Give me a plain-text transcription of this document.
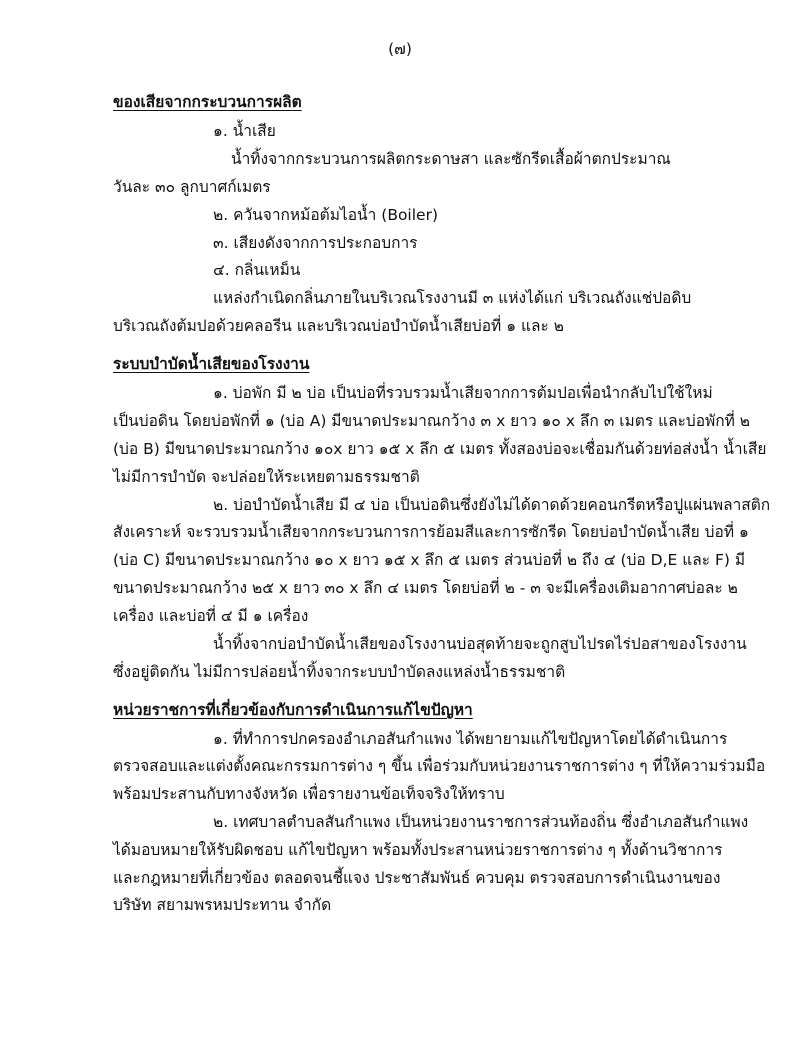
(๗)
ของเสียจากกระบวนการผลิต
๑. น้ำเสีย
น้ำทิ้งจากกระบวนการผลิตกระดาษสา และซักรีดเสื้อผ้าตกประมาณ
วันละ ๓๐ ลูกบาศก์เมตร
๒. ควันจากหม้อต้มไอน้ำ (Boiler)
๓. เสียงดังจากการประกอบการ
๔. กลิ่นเหม็น
แหล่งกำเนิดกลิ่นภายในบริเวณโรงงานมี ๓ แห่งได้แก่ บริเวณถังแช่ปอดิบ
บริเวณถังต้มปอด้วยคลอรีน และบริเวณบ่อบำบัดน้ำเสียบ่อที่ ๑ และ ๒
ระบบบำบัดน้ำเสียของโรงงาน
๑. บ่อพัก มี ๒ บ่อ เป็นบ่อที่รวบรวมน้ำเสียจากการต้มปอเพื่อนำกลับไปใช้ใหม่
เป็นบ่อดิน โดยบ่อพักที่ ๑ (บ่อ A) มีขนาดประมาณกว้าง ๓ x ยาว ๑๐ x ลึก ๓ เมตร และบ่อพักที่ ๒
(บ่อ B) มีขนาดประมาณกว้าง ๑๐x ยาว ๑๕ x ลึก ๕ เมตร ทั้งสองบ่อจะเชื่อมกันด้วยท่อส่งน้ำ น้ำเสีย
ไม่มีการบำบัด จะปล่อยให้ระเหยตามธรรมชาติ
๒. บ่อบำบัดน้ำเสีย มี ๔ บ่อ เป็นบ่อดินซึ่งยังไม่ได้ดาดด้วยคอนกรีตหรือปูแผ่นพลาสติก
สังเคราะห์ จะรวบรวมน้ำเสียจากกระบวนการการย้อมสีและการซักรีด โดยบ่อบำบัดน้ำเสีย บ่อที่ ๑
(บ่อ C) มีขนาดประมาณกว้าง ๑๐ x ยาว ๑๕ x ลึก ๕ เมตร ส่วนบ่อที่ ๒ ถึง ๔ (บ่อ D,E และ F) มี
ขนาดประมาณกว้าง ๒๕ x ยาว ๓๐ x ลึก ๔ เมตร โดยบ่อที่ ๒ - ๓ จะมีเครื่องเติมอากาศบ่อละ ๒
เครื่อง และบ่อที่ ๔ มี ๑ เครื่อง
น้ำทิ้งจากบ่อบำบัดน้ำเสียของโรงงานบ่อสุดท้ายจะถูกสูบไปรดไร่ปอสาของโรงงาน
ซึ่งอยู่ติดกัน ไม่มีการปล่อยน้ำทิ้งจากระบบบำบัดลงแหล่งน้ำธรรมชาติ
หน่วยราชการที่เกี่ยวข้องกับการดำเนินการแก้ไขปัญหา
๑. ที่ทำการปกครองอำเภอสันกำแพง ได้พยายามแก้ไขปัญหาโดยได้ดำเนินการ
ตรวจสอบและแต่งตั้งคณะกรรมการต่าง ๆ ขึ้น เพื่อร่วมกับหน่วยงานราชการต่าง ๆ ที่ให้ความร่วมมือ
พร้อมประสานกับทางจังหวัด เพื่อรายงานข้อเท็จจริงให้ทราบ
๒. เทศบาลตำบลสันกำแพง เป็นหน่วยงานราชการส่วนท้องถิ่น ซึ่งอำเภอสันกำแพง
ได้มอบหมายให้รับผิดชอบ แก้ไขปัญหา พร้อมทั้งประสานหน่วยราชการต่าง ๆ ทั้งด้านวิชาการ
และกฎหมายที่เกี่ยวข้อง ตลอดจนชี้แจง ประชาสัมพันธ์ ควบคุม ตรวจสอบการดำเนินงานของ
บริษัท สยามพรหมประทาน จำกัด
